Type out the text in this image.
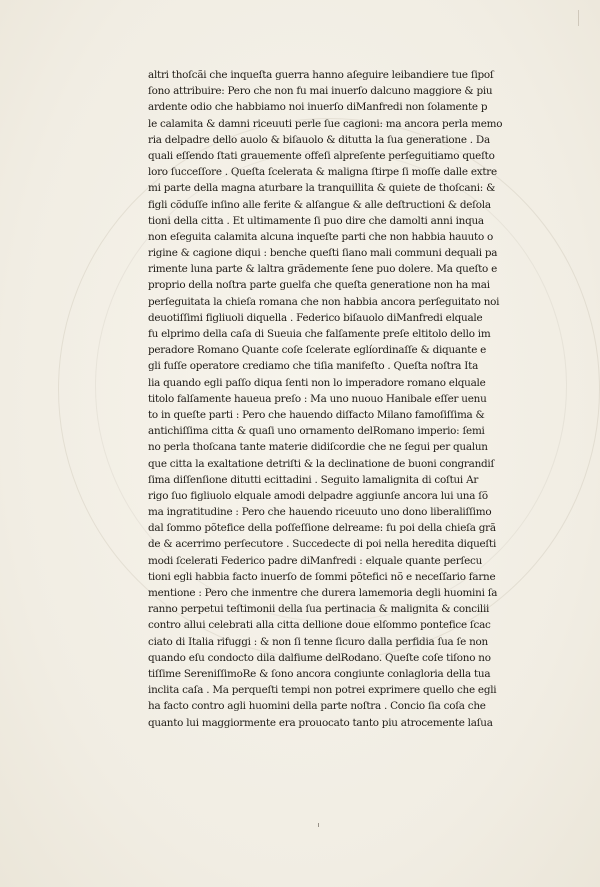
altri thoſcãi che inqueſta guerra hanno aſeguire leibandiere tue ſipoſ
ſono attribuire: Pero che non fu mai inuerſo dalcuno maggiore & piu
ardente odio che habbiamo noi inuerſo diManfredi non ſolamente p
le calamita & damni riceuuti perle ſue cagioni: ma ancora perla memo
ria delpadre dello auolo & biſauolo & ditutta la ſua generatione . Da
quali eſſendo ſtati grauemente offeſi alpreſente perſeguitiamo queſto
loro ſucceſſore . Queſta ſcelerata & maligna ſtirpe ſi moſſe dalle extre
mi parte della magna aturbare la tranquillita & quiete de thoſcani: &
figli cõduſſe inſino alle ferite & alſangue & alle deſtructioni & deſola
tioni della citta . Et ultimamente ſi puo dire che damolti anni inqua
non eſeguita calamita alcuna inqueſte parti che non habbia hauuto o
rigine & cagione diqui : benche queſti ſiano mali communi dequali pa
rimente luna parte & laltra grãdemente ſene puo dolere. Ma queſto e
proprio della noſtra parte guelfa che queſta generatione non ha mai
perſeguitata la chieſa romana che non habbia ancora perſeguitato noi
deuotiſſimi figliuoli diquella . Federico biſauolo diManfredi elquale
fu elprimo della caſa di Sueuia che falſamente preſe eltitolo dello im
peradore Romano Quante coſe ſcelerate eglíordinaſſe & diquante e
gli fuſſe operatore crediamo che tiſia manifeſto . Queſta noſtra Ita
lia quando egli paſſo diqua ſenti non lo imperadore romano elquale
titolo falſamente haueua preſo : Ma uno nuouo Hanibale eſſer uenu
to in queſte parti : Pero che hauendo diſfacto Milano famoſiſſima &
antichiſſima citta & quaſi uno ornamento delRomano imperio: ſemi
no perla thoſcana tante materie didiſcordie che ne ſegui per qualun
que citta la exaltatione detriſti & la declinatione de buoni congrandiſ
ſima diſſenſione ditutti ecittadini . Seguito lamalignita di coſtui Ar
rigo ſuo figliuolo elquale amodi delpadre aggiunſe ancora lui una ſõ
ma ingratitudine : Pero che hauendo riceuuto uno dono liberaliſſimo
dal ſommo põtefice della poſſeſſione delreame: fu poi della chieſa grã
de & acerrimo perſecutore . Succedecte di poi nella heredita diqueſti
modi ſcelerati Federico padre diManfredi : elquale quante perſecu
tioni egli habbia facto inuerſo de ſommi põtefici nõ e neceſſario farne
mentione : Pero che inmentre che durera lamemoria degli huomini ſa
ranno perpetui teſtimonii della ſua pertinacia & malignita & concilii
contro allui celebrati alla citta dellione doue elſommo pontefice ſcac
ciato di Italia rifuggi : & non ſi tenne ſicuro dalla perfidia ſua ſe non
quando eſu condocto dila dalfiume delRodano. Queſte coſe tiſono no
tiſſime SereniſſimoRe & ſono ancora congiunte conlagloria della tua
inclita caſa . Ma perqueſti tempi non potrei exprimere quello che egli
ha facto contro agli huomini della parte noſtra . Concio ſia coſa che
quanto lui maggiormente era prouocato tanto piu atrocemente laſua
